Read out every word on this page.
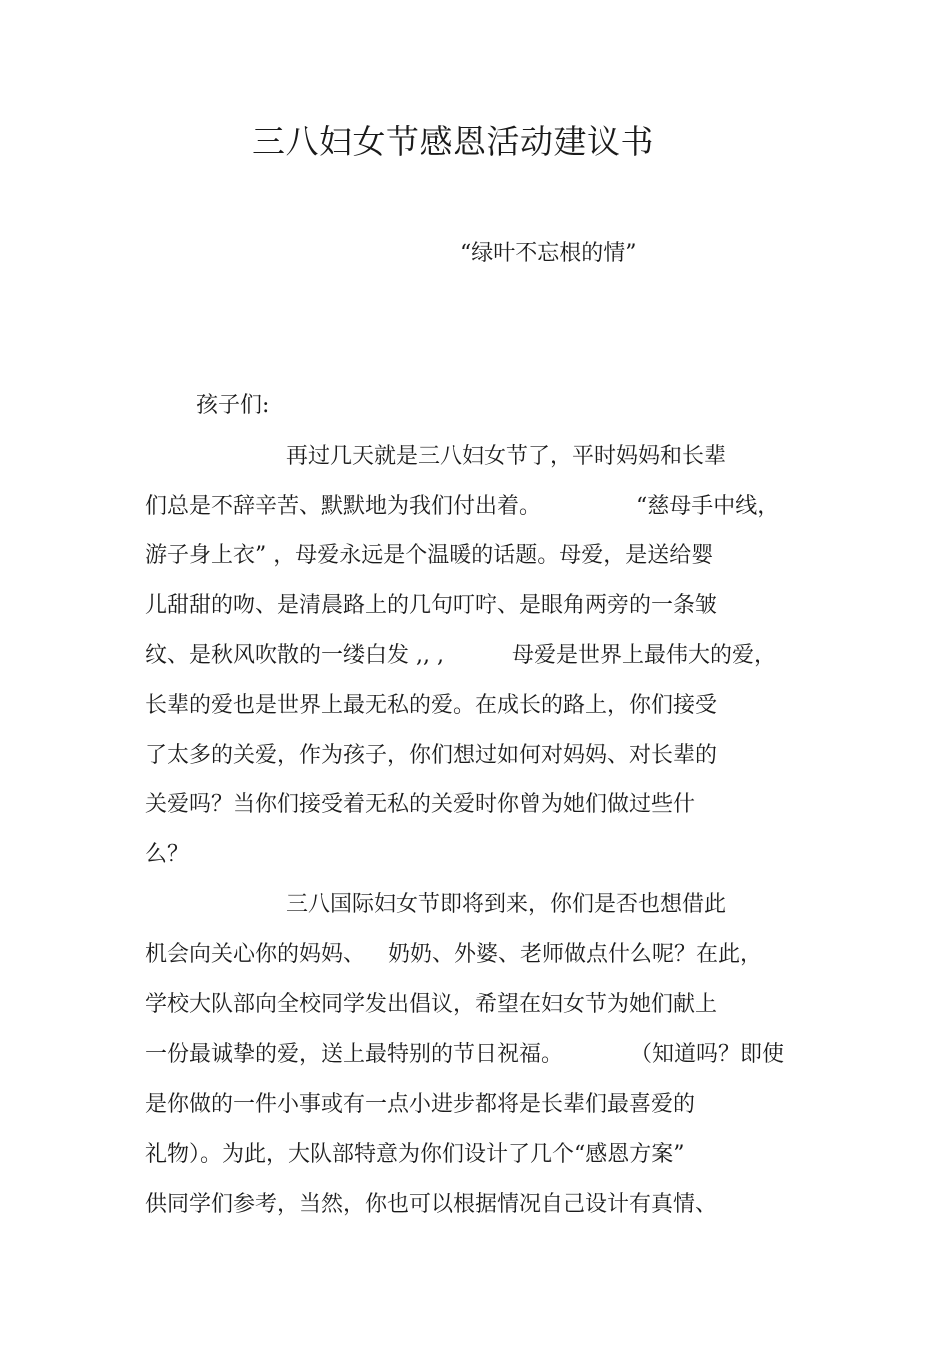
三八妇女节感恩活动建议书
“绿叶不忘根的情”
孩子们:
再过几天就是三八妇女节了，平时妈妈和长辈
们总是不辞辛苦、默默地为我们付出着。	“慈母手中线，
游子身上衣” ，母爱永远是个温暖的话题。母爱，是送给婴
儿甜甜的吻、是清晨路上的几句叮咛、是眼角两旁的一条皱
纹、是秋风吹散的一缕白发 ,, ,	母爱是世界上最伟大的爱，
长辈的爱也是世界上最无私的爱。在成长的路上，你们接受
了太多的关爱，作为孩子，你们想过如何对妈妈、对长辈的
关爱吗？当你们接受着无私的关爱时你曾为她们做过些什
么？
三八国际妇女节即将到来，你们是否也想借此
机会向关心你的妈妈、 奶奶、外婆、老师做点什么呢？在此，
学校大队部向全校同学发出倡议，希望在妇女节为她们献上
一份最诚挚的爱，送上最特别的节日祝福。	（知道吗？即使
是你做的一件小事或有一点小进步都将是长辈们最喜爱的
礼物）。为此，大队部特意为你们设计了几个“感恩方案”
供同学们参考，当然，你也可以根据情况自己设计有真情、
